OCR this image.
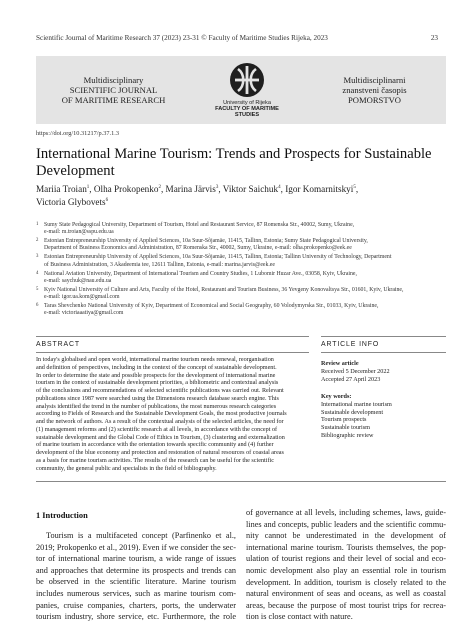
Scientific Journal of Maritime Research 37 (2023) 23-31 © Faculty of Maritime Studies Rijeka, 2023	23
Multidisciplinary
SCIENTIFIC JOURNAL
OF MARITIME RESEARCH	University of Rijeka
FACULTY OF MARITIME STUDIES
Multidisciplinarni
znanstveni časopis
POMORSTVO
https://doi.org/10.31217/p.37.1.3
International Marine Tourism: Trends and Prospects for Sustainable
Development
Mariia Troian$^1$, Olha Prokopenko$^2$, Marina Järvis$^3$, Viktor Saichuk$^4$, Igor Komarnitskyi$^5$,
Victoria Glybovets$^6$
1 Sumy State Pedagogical University, Department of Tourism, Hotel and Restaurant Service, 87 Romenska Str., 40002, Sumy, Ukraine,
e-mail: m.troian@sspu.edu.ua
2 Estonian Entrepreneurship University of Applied Sciences, 10a Suur-Sõjamäe, 11415, Tallinn, Estonia; Sumy State Pedagogical University,
Department of Business Economics and Administration, 87 Romenska Str., 40002, Sumy, Ukraine, e-mail: olha.prokopenko@eek.ee
3 Estonian Entrepreneurship University of Applied Sciences, 10a Suur-Sõjamäe, 11415, Tallinn, Estonia; Tallinn University of Technology, Department
of Business Administration, 3 Akadeemia tee, 12611 Tallinn, Estonia, e-mail: marina.jarvis@eek.ee
4 National Aviation University, Department of International Tourism and Country Studies, 1 Lubomir Huzar Ave., 03058, Kyiv, Ukraine,
e-mail: saychuk@nau.edu.ua
5 Kyiv National University of Culture and Arts, Faculty of the Hotel, Restaurant and Tourism Business, 36 Yevgeny Konovaltsya Str., 01601, Kyiv, Ukraine,
e-mail: igor.ua.kom@gmail.com
6 Taras Shevchenko National University of Kyiv, Department of Economical and Social Geography, 60 Volodymyrska Str., 01033, Kyiv, Ukraine,
e-mail: victoriaaatiya@gmail.com
ABSTRACT	ARTICLE INFO
In today's globalised and open world, international marine tourism needs renewal, reorganisation
and definition of perspectives, including in the context of the concept of sustainable development.
In order to determine the state and possible prospects for the development of international marine
tourism in the context of sustainable development priorities, a bibliometric and contextual analysis
of the conclusions and recommendations of selected scientific publications was carried out. Relevant
publications since 1987 were searched using the Dimensions research database search engine. This
analysis identified the trend in the number of publications, the most numerous research categories
according to Fields of Research and the Sustainable Development Goals, the most productive journals
and the network of authors. As a result of the contextual analysis of the selected articles, the need for
(1) management reforms and (2) scientific research at all levels, in accordance with the concept of
sustainable development and the Global Code of Ethics in Tourism, (3) clustering and externalization
of marine tourism in accordance with the orientation towards specific community and (4) further
development of the blue economy and protection and restoration of natural resources of coastal areas
as a basis for marine tourism activities. The results of the research can be useful for the scientific
community, the general public and specialists in the field of bibliography.
Review article
Received 5 December 2022
Accepted 27 April 2023
Key words:
International marine tourism
Sustainable development
Tourism prospects
Sustainable tourism
Bibliographic review
1 Introduction
Tourism is a multifaceted concept (Parfinenko et al.,
2019; Prokopenko et al., 2019). Even if we consider the sec-
tor of international marine tourism, a wide range of issues
and approaches that determine its prospects and trends can
be observed in the scientific literature. Marine tourism
includes numerous services, such as marine tourism com-
panies, cruise companies, charters, ports, the underwater
tourism industry, shore service, etc. Furthermore, the role
of governance at all levels, including schemes, laws, guide-
lines and concepts, public leaders and the scientific commu-
nity cannot be underestimated in the development of
international marine tourism. Tourists themselves, the pop-
ulation of tourist regions and their level of social and eco-
nomic development also play an essential role in tourism
development. In addition, tourism is closely related to the
natural environment of seas and oceans, as well as coastal
areas, because the purpose of most tourist trips for recrea-
tion is close contact with nature.
